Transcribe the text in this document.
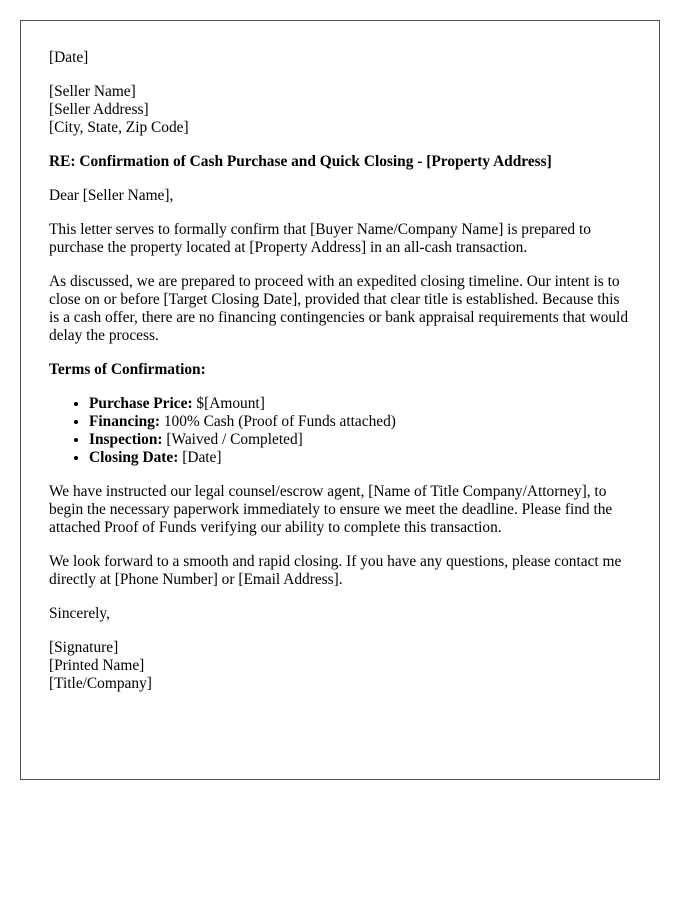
[Date]

[Seller Name]
[Seller Address]
[City, State, Zip Code]

RE: Confirmation of Cash Purchase and Quick Closing - [Property Address]

Dear [Seller Name],

This letter serves to formally confirm that [Buyer Name/Company Name] is prepared to purchase the property located at [Property Address] in an all-cash transaction.

As discussed, we are prepared to proceed with an expedited closing timeline. Our intent is to close on or before [Target Closing Date], provided that clear title is established. Because this is a cash offer, there are no financing contingencies or bank appraisal requirements that would delay the process.

Terms of Confirmation:

• Purchase Price: $[Amount]
• Financing: 100% Cash (Proof of Funds attached)
• Inspection: [Waived / Completed]
• Closing Date: [Date]

We have instructed our legal counsel/escrow agent, [Name of Title Company/Attorney], to begin the necessary paperwork immediately to ensure we meet the deadline. Please find the attached Proof of Funds verifying our ability to complete this transaction.

We look forward to a smooth and rapid closing. If you have any questions, please contact me directly at [Phone Number] or [Email Address].

Sincerely,

[Signature]
[Printed Name]
[Title/Company]
